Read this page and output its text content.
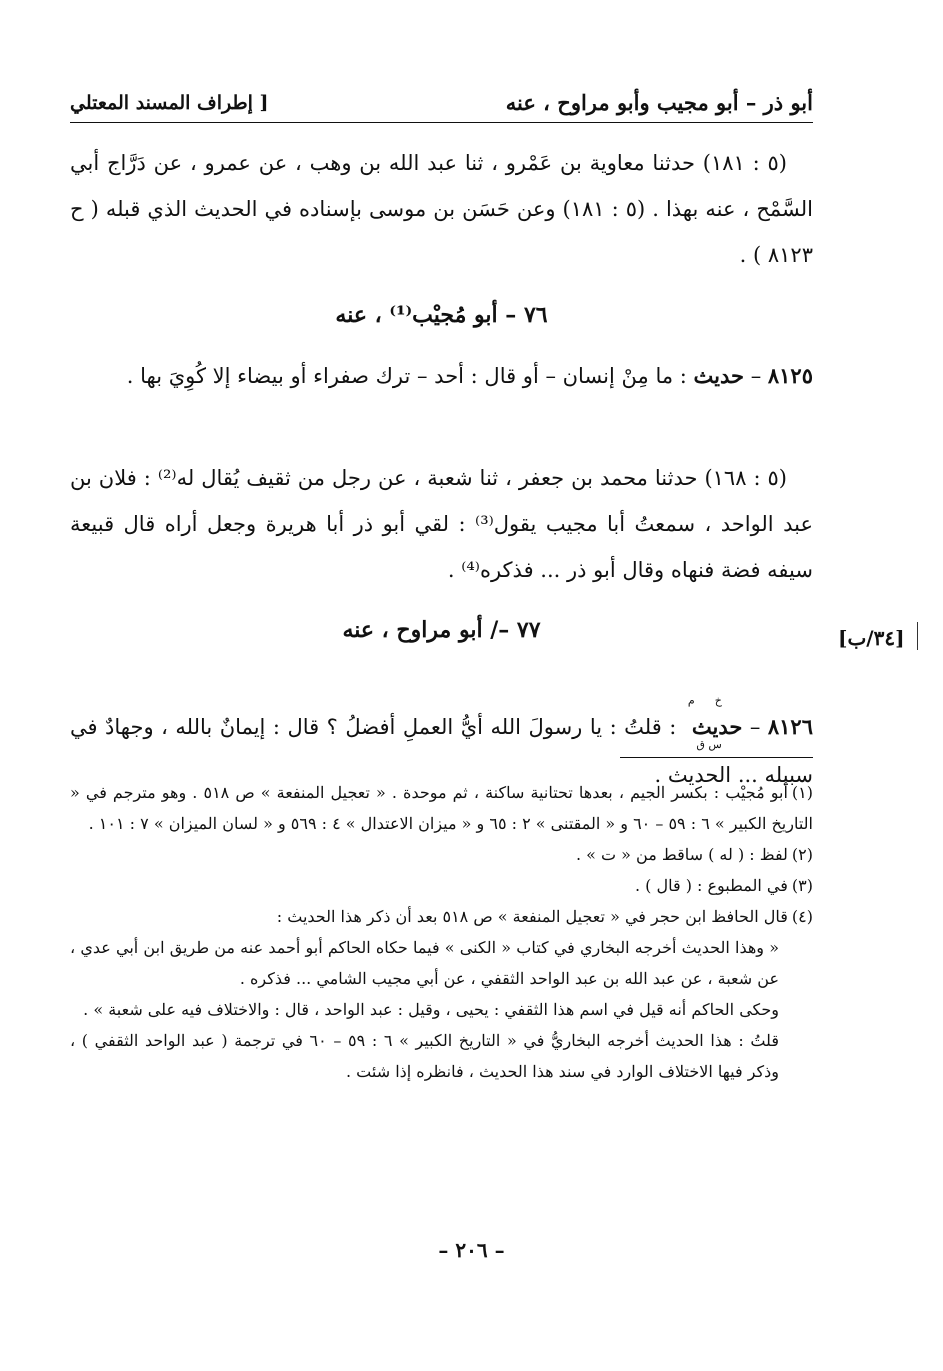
أبو ذر – أبو مجيب وأبو مراوح ، عنه
[ إطراف المسند المعتلي

(٥ : ١٨١) حدثنا معاوية بن عَمْرو ، ثنا عبد الله بن وهب ، عن عمرو ، عن دَرَّاج أبي السَّمْح ، عنه بهذا . (٥ : ١٨١) وعن حَسَن بن موسى بإسناده في الحديث الذي قبله ( ح ٨١٢٣ ) .

٧٦ – أبو مُجيْب⁽¹⁾ ، عنه

٨١٢٥ – حديث : ما مِنْ إنسان – أو قال : أحد – ترك صفراء أو بيضاء إلا كُوِيَ بها .

(٥ : ١٦٨) حدثنا محمد بن جعفر ، ثنا شعبة ، عن رجل من ثقيف يُقال له⁽²⁾ : فلان بن عبد الواحد ، سمعتُ أبا مجيب يقول⁽³⁾ : لقي أبو ذر أبا هريرة وجعل أراه قال قبيعة سيفه فضة فنهاه وقال أبو ذر ... فذكره⁽⁴⁾ .

[٣٤/ب]
٧٧ –/ أبو مراوح ، عنه

٨١٢٦ – حديثخ م س ق : قلتُ : يا رسولَ الله أيُّ العملِ أفضلُ ؟ قال : إيمانٌ بالله ، وجهادٌ في سبيله ... الحديث .

(١)أبو مُجيْب : بكسر الجيم ، بعدها تحتانية ساكنة ، ثم موحدة . « تعجيل المنفعة » ص ٥١٨ . وهو مترجم في « التاريخ الكبير » ٦ : ٥٩ – ٦٠ و « المقتنى » ٢ : ٦٥ و « ميزان الاعتدال » ٤ : ٥٦٩ و « لسان الميزان » ٧ : ١٠١ .

(٢)لفظ : ( له ) ساقط من « ت » .

(٣)في المطبوع : ( قال ) .

(٤)قال الحافظ ابن حجر في « تعجيل المنفعة » ص ٥١٨ بعد أن ذكر هذا الحديث :

« وهذا الحديث أخرجه البخاري في كتاب « الكنى » فيما حكاه الحاكم أبو أحمد عنه من طريق ابن أبي عدي ، عن شعبة ، عن عبد الله بن عبد الواحد الثقفي ، عن أبي مجيب الشامي ... فذكره .

وحكى الحاكم أنه قيل في اسم هذا الثقفي : يحيى ، وقيل : عبد الواحد ، قال : والاختلاف فيه على شعبة » .

قلتُ : هذا الحديث أخرجه البخاريُّ في « التاريخ الكبير » ٦ : ٥٩ – ٦٠ في ترجمة ( عبد الواحد الثقفي ) ، وذكر فيها الاختلاف الوارد في سند هذا الحديث ، فانظره إذا شئت .

– ٢٠٦ –
